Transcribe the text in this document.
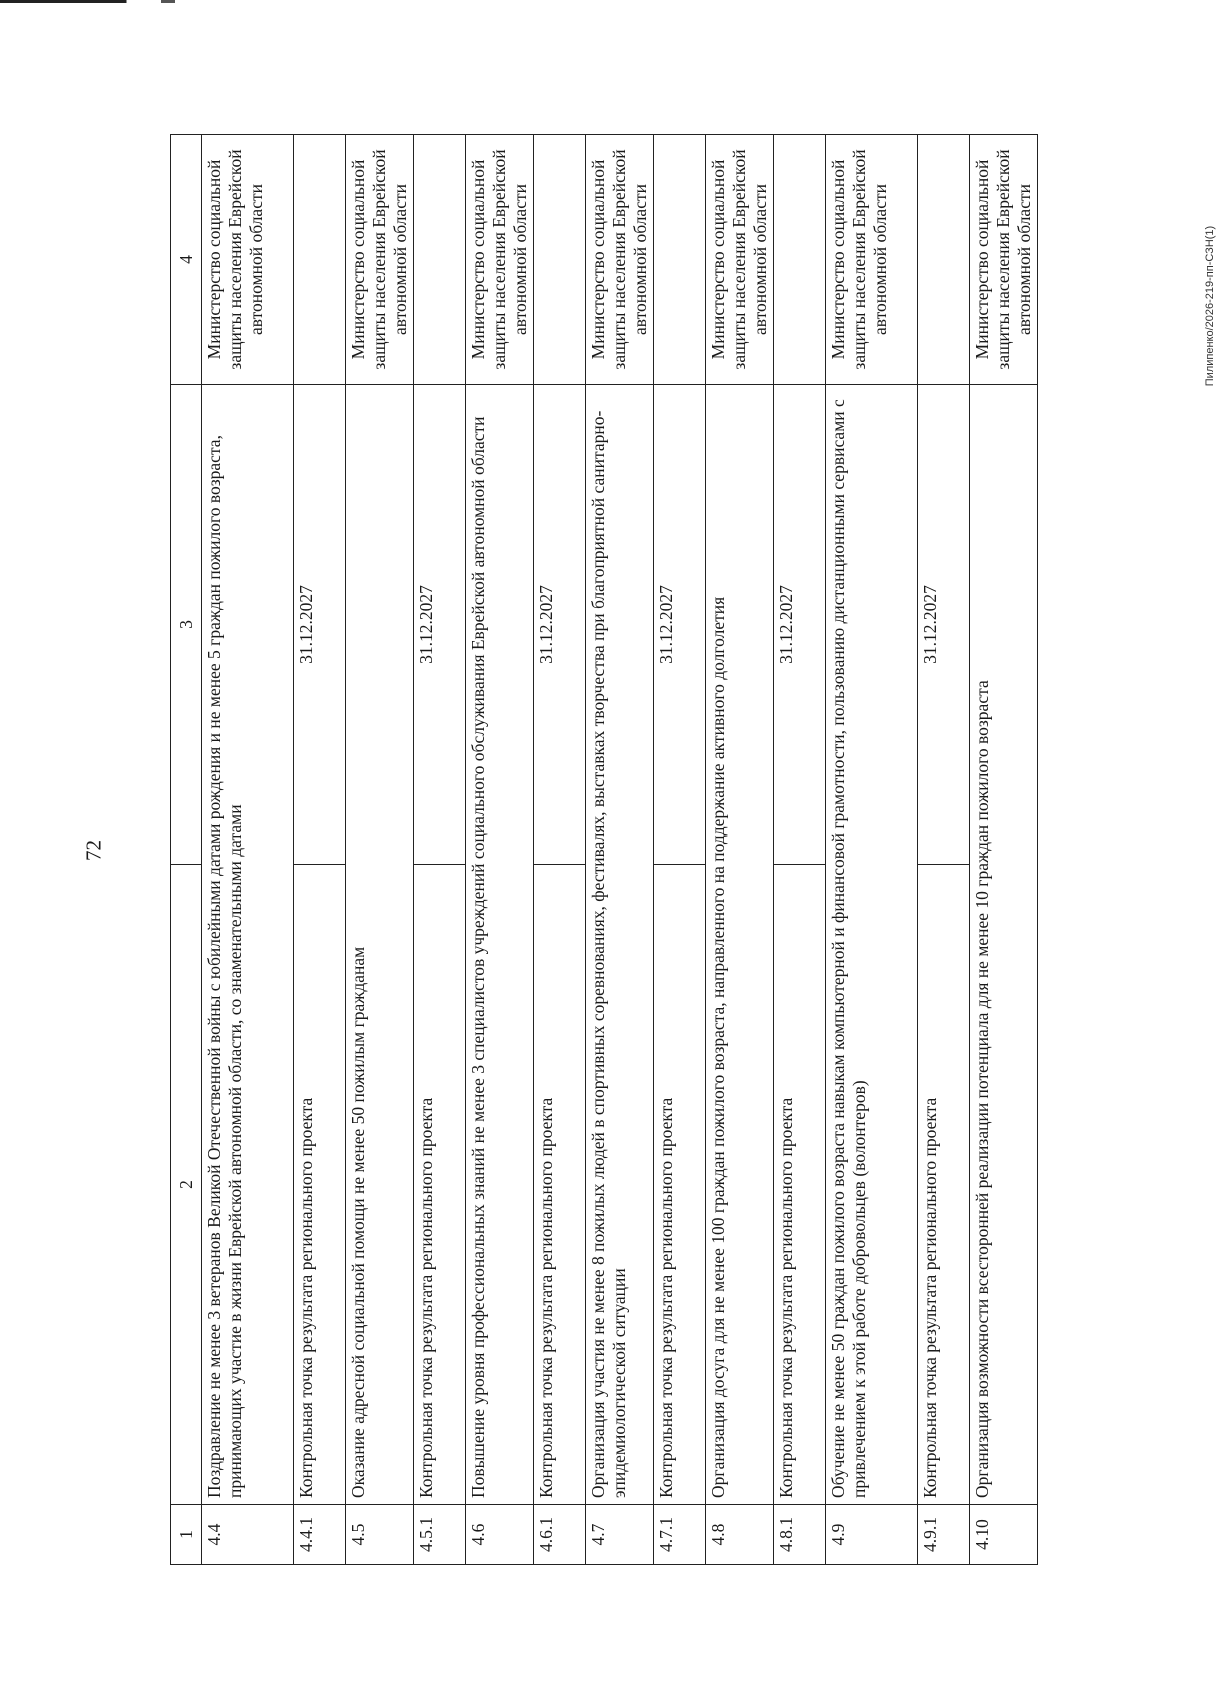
72
Пилипенко/2026-219-пп-СЗН(1)
1	2	3	4
4.4	Поздравление не менее 3 ветеранов Великой Отечественной войны с юбилейными датами рождения и не менее 5 граждан пожилого возраста, принимающих участие в жизни Еврейской автономной области, со знаменательными датами		Министерство социальной защиты населения Еврейской автономной области
4.4.1	Контрольная точка результата регионального проекта	31.12.2027	
4.5	Оказание адресной социальной помощи не менее 50 пожилым гражданам		Министерство социальной защиты населения Еврейской автономной области
4.5.1	Контрольная точка результата регионального проекта	31.12.2027	
4.6	Повышение уровня профессиональных знаний не менее 3 специалистов учреждений социального обслуживания Еврейской автономной области		Министерство социальной защиты населения Еврейской автономной области
4.6.1	Контрольная точка результата регионального проекта	31.12.2027	
4.7	Организация участия не менее 8 пожилых людей в спортивных соревнованиях, фестивалях, выставках творчества при благоприятной санитарно-эпидемиологической ситуации		Министерство социальной защиты населения Еврейской автономной области
4.7.1	Контрольная точка результата регионального проекта	31.12.2027	
4.8	Организация досуга для не менее 100 граждан пожилого возраста, направленного на поддержание активного долголетия		Министерство социальной защиты населения Еврейской автономной области
4.8.1	Контрольная точка результата регионального проекта	31.12.2027	
4.9	Обучение не менее 50 граждан пожилого возраста навыкам компьютерной и финансовой грамотности, пользованию дистанционными сервисами с привлечением к этой работе добровольцев (волонтеров)		Министерство социальной защиты населения Еврейской автономной области
4.9.1	Контрольная точка результата регионального проекта	31.12.2027	
4.10	Организация возможности всесторонней реализации потенциала для не менее 10 граждан пожилого возраста		Министерство социальной защиты населения Еврейской автономной области
